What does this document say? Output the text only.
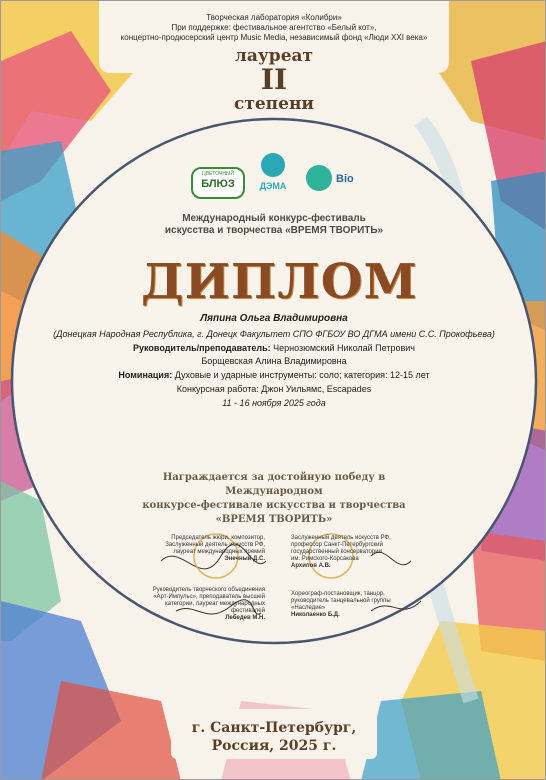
Творческая лаборатория «Колибри»
При поддержке: фестивальное агентство «Белый кот»,
концертно-продюсерский центр Music Media, независимый фонд «Люди XXI века»
лауреат
II
степени
ЦВЕТОЧНЫЙ
БЛЮЗ	ДЭМА
Bio
Международный конкурс-фестиваль
искусства и творчества «ВРЕМЯ ТВОРИТЬ»
ДИПЛОМ
Ляпина Ольга Владимировна
(Донецкая Народная Республика, г. Донецк Факультет СПО ФГБОУ ВО ДГМА имени С.С. Прокофьева)
Руководитель/преподаватель: Чернозюмский Николай Петрович
Борщевская Алина Владимировна
Номинация: Духовые и ударные инструменты: соло; категория: 12-15 лет
Конкурсная работа: Джон Уильямс, Escapades
11 - 16 ноября 2025 года
Награждается за достойную победу в Международном
конкурсе-фестивале искусства и творчества
«ВРЕМЯ ТВОРИТЬ»
Председатель жюри, композитор,
Заслуженный деятель искусств РФ,
лауреат международных премий
Энечный Д.С.
Руководитель творческого объединения
«Арт-Импульс», преподаватель высшей
категории, лауреат международных
фестивалей
Лебедев М.Н.
Заслуженный деятель искусств РФ,
профессор Санкт-Петербургский
государственный консерватории
им. Римского-Корсакова
Архипов А.В.
Хореограф-постановщик, танцор,
руководитель танцевальной группы
«Наследие»
Николаенко Б.Д.
г. Санкт-Петербург,
Россия, 2025 г.
